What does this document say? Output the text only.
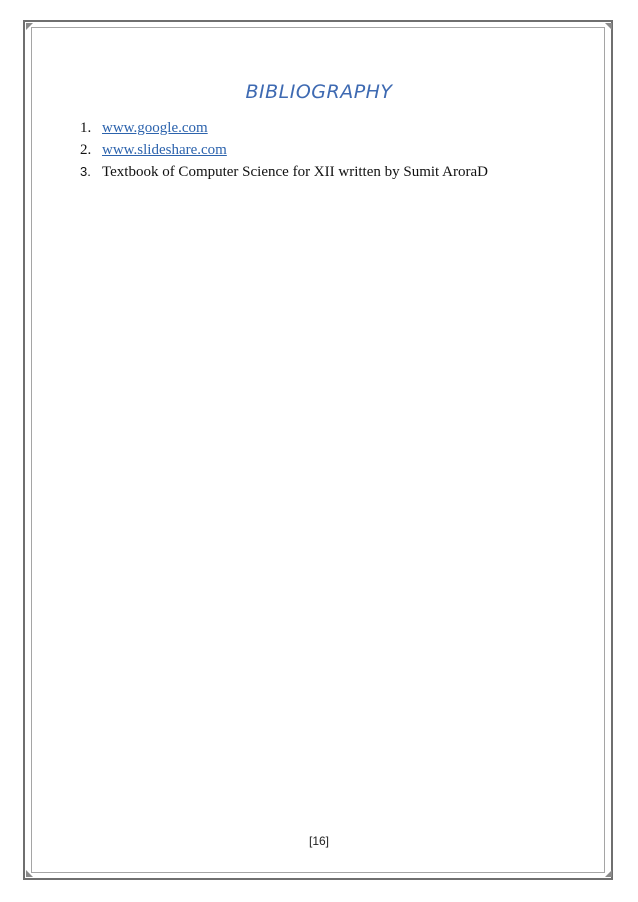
BIBLIOGRAPHY
1. www.google.com
2. www.slideshare.com
3. Textbook of Computer Science for XII written by Sumit AroraD
[16]
